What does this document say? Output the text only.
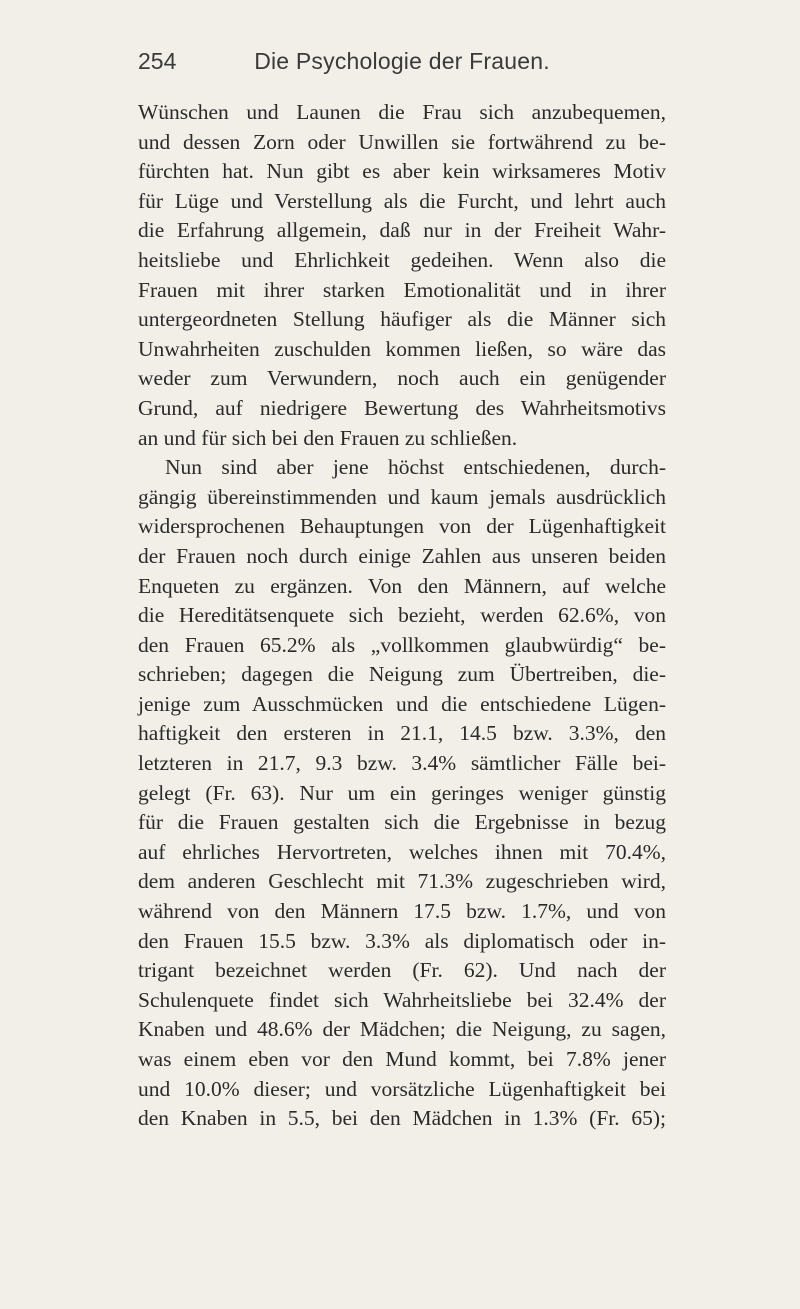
254	Die Psychologie der Frauen.
Wünschen und Launen die Frau sich anzubequemen,
und dessen Zorn oder Unwillen sie fortwährend zu be-
fürchten hat. Nun gibt es aber kein wirksameres Motiv
für Lüge und Verstellung als die Furcht, und lehrt auch
die Erfahrung allgemein, daß nur in der Freiheit Wahr-
heitsliebe und Ehrlichkeit gedeihen. Wenn also die
Frauen mit ihrer starken Emotionalität und in ihrer
untergeordneten Stellung häufiger als die Männer sich
Unwahrheiten zuschulden kommen ließen, so wäre das
weder zum Verwundern, noch auch ein genügender
Grund, auf niedrigere Bewertung des Wahrheitsmotivs
an und für sich bei den Frauen zu schließen.
Nun sind aber jene höchst entschiedenen, durch-
gängig übereinstimmenden und kaum jemals ausdrücklich
widersprochenen Behauptungen von der Lügenhaftigkeit
der Frauen noch durch einige Zahlen aus unseren beiden
Enqueten zu ergänzen. Von den Männern, auf welche
die Hereditätsenquete sich bezieht, werden 62.6%, von
den Frauen 65.2% als „vollkommen glaubwürdig“ be-
schrieben; dagegen die Neigung zum Übertreiben, die-
jenige zum Ausschmücken und die entschiedene Lügen-
haftigkeit den ersteren in 21.1, 14.5 bzw. 3.3%, den
letzteren in 21.7, 9.3 bzw. 3.4% sämtlicher Fälle bei-
gelegt (Fr. 63). Nur um ein geringes weniger günstig
für die Frauen gestalten sich die Ergebnisse in bezug
auf ehrliches Hervortreten, welches ihnen mit 70.4%,
dem anderen Geschlecht mit 71.3% zugeschrieben wird,
während von den Männern 17.5 bzw. 1.7%, und von
den Frauen 15.5 bzw. 3.3% als diplomatisch oder in-
trigant bezeichnet werden (Fr. 62). Und nach der
Schulenquete findet sich Wahrheitsliebe bei 32.4% der
Knaben und 48.6% der Mädchen; die Neigung, zu sagen,
was einem eben vor den Mund kommt, bei 7.8% jener
und 10.0% dieser; und vorsätzliche Lügenhaftigkeit bei
den Knaben in 5.5, bei den Mädchen in 1.3% (Fr. 65);
